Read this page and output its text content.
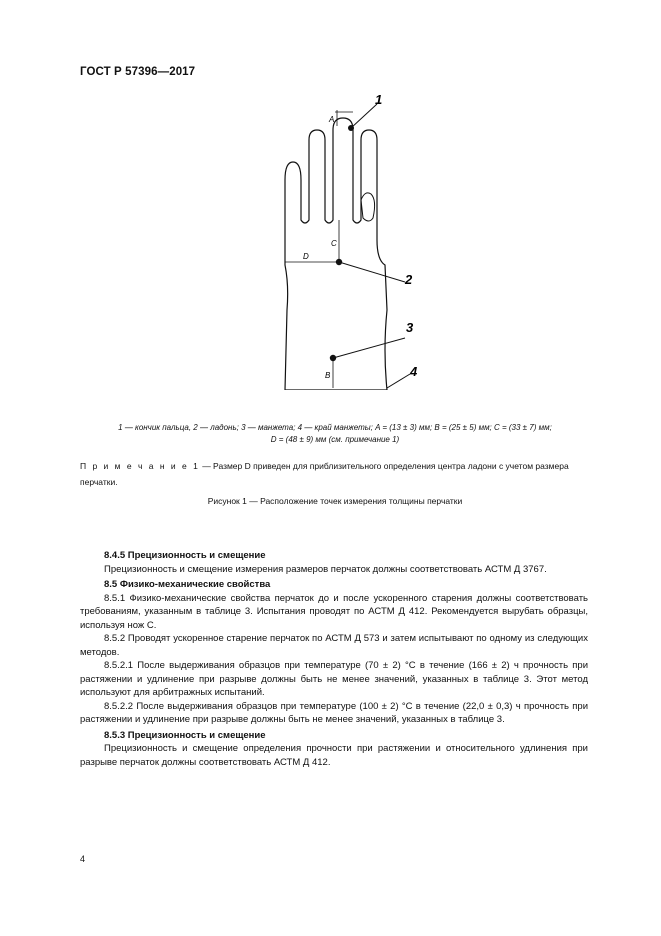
ГОСТ Р 57396—2017
1
2
3
4
A
C
D
B
1 — кончик пальца, 2 — ладонь; 3 — манжета; 4 — край манжеты; A = (13 ± 3) мм; B = (25 ± 5) мм; C = (33 ± 7) мм;
D = (48 ± 9) мм (см. примечание 1)
П р и м е ч а н и е 1 — Размер D приведен для приблизительного определения центра ладони с учетом размера перчатки.
Рисунок 1 — Расположение точек измерения толщины перчатки

8.4.5 Прецизионность и смещение

Прецизионность и смещение измерения размеров перчаток должны соответствовать АСТМ Д 3767.

8.5 Физико-механические свойства

8.5.1 Физико-механические свойства перчаток до и после ускоренного старения должны соответствовать требованиям, указанным в таблице 3. Испытания проводят по АСТМ Д 412. Рекомендуется вырубать образцы, используя нож С.

8.5.2 Проводят ускоренное старение перчаток по АСТМ Д 573 и затем испытывают по одному из следующих методов.

8.5.2.1 После выдерживания образцов при температуре (70 ± 2) °С в течение (166 ± 2) ч прочность при растяжении и удлинение при разрыве должны быть не менее значений, указанных в таблице 3. Этот метод используют для арбитражных испытаний.

8.5.2.2 После выдерживания образцов при температуре (100 ± 2) °С в течение (22,0 ± 0,3) ч прочность при растяжении и удлинение при разрыве должны быть не менее значений, указанных в таблице 3.

8.5.3 Прецизионность и смещение

Прецизионность и смещение определения прочности при растяжении и относительного удлинения при разрыве перчаток должны соответствовать АСТМ Д 412.

4
